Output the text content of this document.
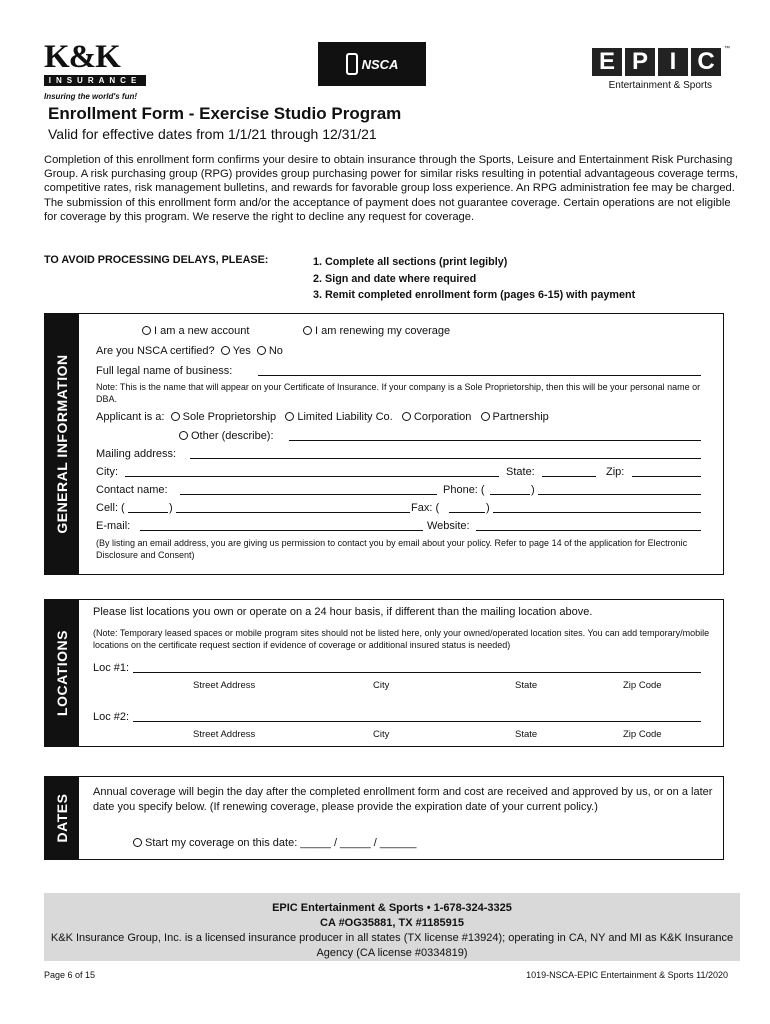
K&K
INSURANCE
Insuring the world's fun!
NSCA	E P I C	™
Entertainment & Sports
Enrollment Form - Exercise Studio Program
Valid for effective dates from 1/1/21 through 12/31/21
Completion of this enrollment form confirms your desire to obtain insurance through the Sports, Leisure and Entertainment Risk Purchasing Group. A risk purchasing group (RPG) provides group purchasing power for similar risks resulting in potential advantageous coverage terms, competitive rates, risk management bulletins, and rewards for favorable group loss experience. An RPG administration fee may be charged. The submission of this enrollment form and/or the acceptance of payment does not guarantee coverage. Certain operations are not eligible for coverage by this program. We reserve the right to decline any request for coverage.
TO AVOID PROCESSING DELAYS, PLEASE:	1. Complete all sections (print legibly)
2. Sign and date where required
3. Remit completed enrollment form (pages 6-15) with payment
GENERAL INFORMATION
I am a new account	I am renewing my coverage
Are you NSCA certified? Yes No
Full legal name of business:
Note: This is the name that will appear on your Certificate of Insurance. If your company is a Sole Proprietorship, then this will be your personal name or DBA.
Applicant is a: Sole Proprietorship Limited Liability Co. Corporation Partnership
Other (describe):
Mailing address:
City:	State:	Zip:
Contact name:	Phone: (	)
Cell: (	)	Fax: (	)
E-mail:	Website:
(By listing an email address, you are giving us permission to contact you by email about your policy. Refer to page 14 of the application for Electronic Disclosure and Consent)
LOCATIONS
Please list locations you own or operate on a 24 hour basis, if different than the mailing location above.
(Note: Temporary leased spaces or mobile program sites should not be listed here, only your owned/operated location sites. You can add temporary/mobile locations on the certificate request section if evidence of coverage or additional insured status is needed)
Loc #1:
Street Address	City	State	Zip Code
Loc #2:
Street Address	City	State	Zip Code
DATES
Annual coverage will begin the day after the completed enrollment form and cost are received and approved by us, or on a later date you specify below. (If renewing coverage, please provide the expiration date of your current policy.)
Start my coverage on this date: _____ / _____ / ______
EPIC Entertainment & Sports • 1-678-324-3325
CA #OG35881, TX #1185915
K&K Insurance Group, Inc. is a licensed insurance producer in all states (TX license #13924); operating in CA, NY and MI as K&K Insurance Agency (CA license #0334819)
Page 6 of 15	1019-NSCA-EPIC Entertainment & Sports 11/2020
